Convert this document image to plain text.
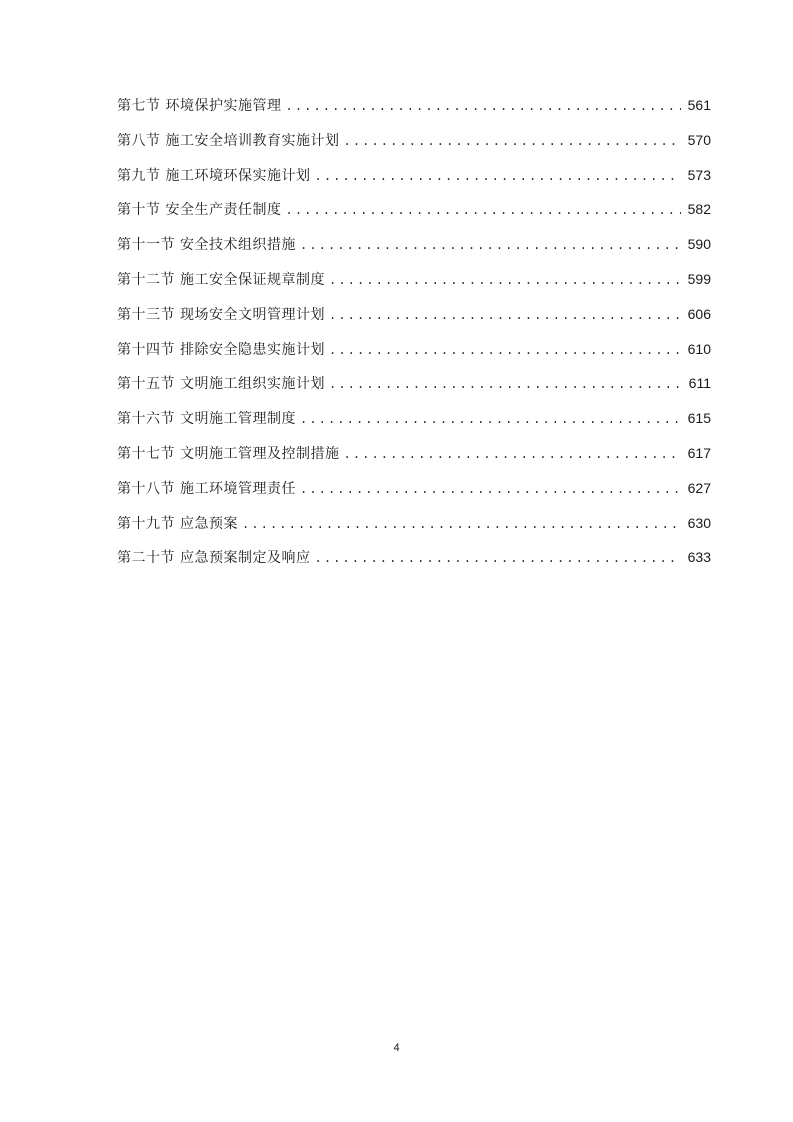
第七节 环境保护实施管理 .....	561
第八节 施工安全培训教育实施计划 .....	570
第九节 施工环境环保实施计划 .....	573
第十节 安全生产责任制度 .....	582
第十一节 安全技术组织措施 .....	590
第十二节 施工安全保证规章制度 .....	599
第十三节 现场安全文明管理计划 .....	606
第十四节 排除安全隐患实施计划 .....	610
第十五节 文明施工组织实施计划 .....	611
第十六节 文明施工管理制度 .....	615
第十七节 文明施工管理及控制措施 .....	617
第十八节 施工环境管理责任 .....	627
第十九节 应急预案 .....	630
第二十节 应急预案制定及响应 .....	633
4
